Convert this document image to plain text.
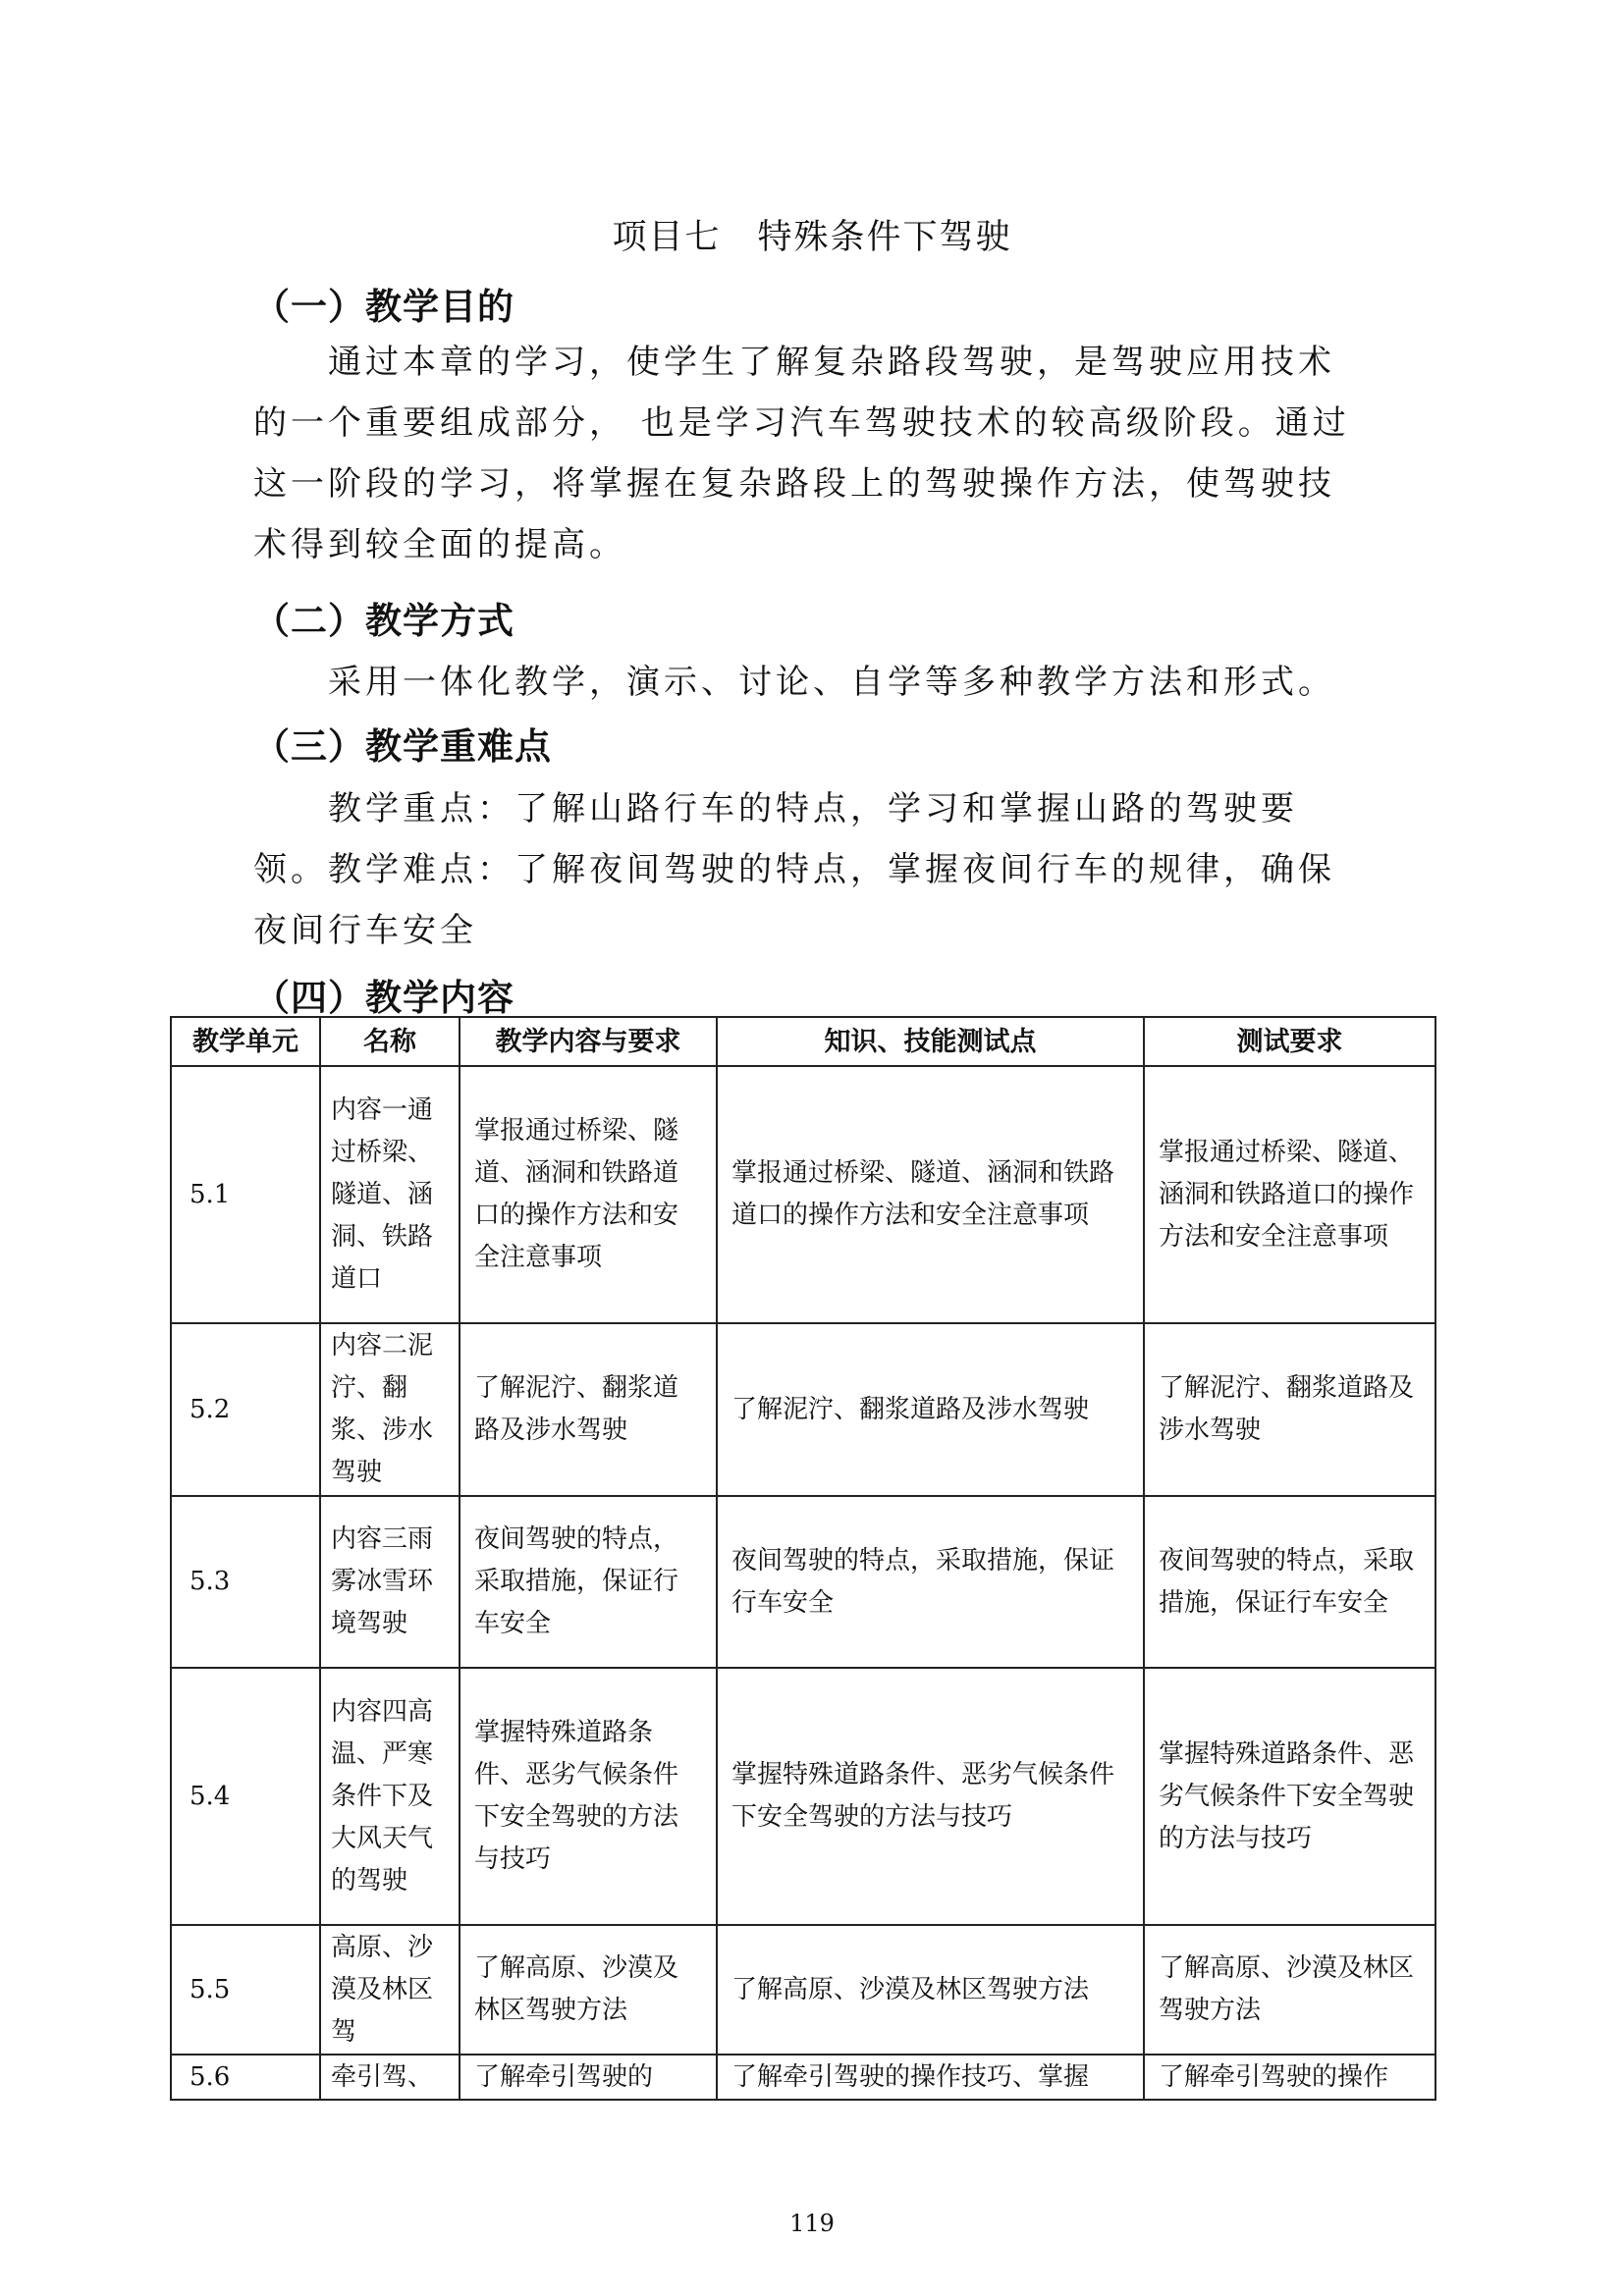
项目七　特殊条件下驾驶
（一）教学目的

通过本章的学习，使学生了解复杂路段驾驶，是驾驶应用技术的一个重要组成部分， 也是学习汽车驾驶技术的较高级阶段。通过这一阶段的学习，将掌握在复杂路段上的驾驶操作方法，使驾驶技术得到较全面的提高。

（二）教学方式

采用一体化教学，演示、讨论、自学等多种教学方法和形式。

（三）教学重难点

教学重点：了解山路行车的特点，学习和掌握山路的驾驶要领。 教学难点：了解夜间驾驶的特点，掌握夜间行车的规律，确保夜间行车安全

（四）教学内容
教学单元	名称	教学内容与要求	知识、技能测试点	测试要求
5.1	内容一通过桥梁、隧道、涵洞、铁路道口	掌报通过桥梁、隧道、涵洞和铁路道口的操作方法和安全注意事项	掌报通过桥梁、隧道、涵洞和铁路道口的操作方法和安全注意事项	掌报通过桥梁、隧道、涵洞和铁路道口的操作方法和安全注意事项
5.2	内容二泥泞、翻浆、涉水驾驶	了解泥泞、翻浆道路及涉水驾驶	了解泥泞、翻浆道路及涉水驾驶	了解泥泞、翻浆道路及涉水驾驶
5.3	内容三雨雾冰雪环境驾驶	夜间驾驶的特点，采取措施，保证行车安全	夜间驾驶的特点，采取措施，保证行车安全	夜间驾驶的特点，采取措施，保证行车安全
5.4	内容四高温、严寒条件下及大风天气的驾驶	掌握特殊道路条件、恶劣气候条件下安全驾驶的方法与技巧	掌握特殊道路条件、恶劣气候条件下安全驾驶的方法与技巧	掌握特殊道路条件、恶劣气候条件下安全驾驶的方法与技巧
5.5	高原、沙漠及林区驾	了解高原、沙漠及林区驾驶方法	了解高原、沙漠及林区驾驶方法	了解高原、沙漠及林区驾驶方法
5.6	牵引驾、	了解牵引驾驶的	了解牵引驾驶的操作技巧、掌握	了解牵引驾驶的操作
119
